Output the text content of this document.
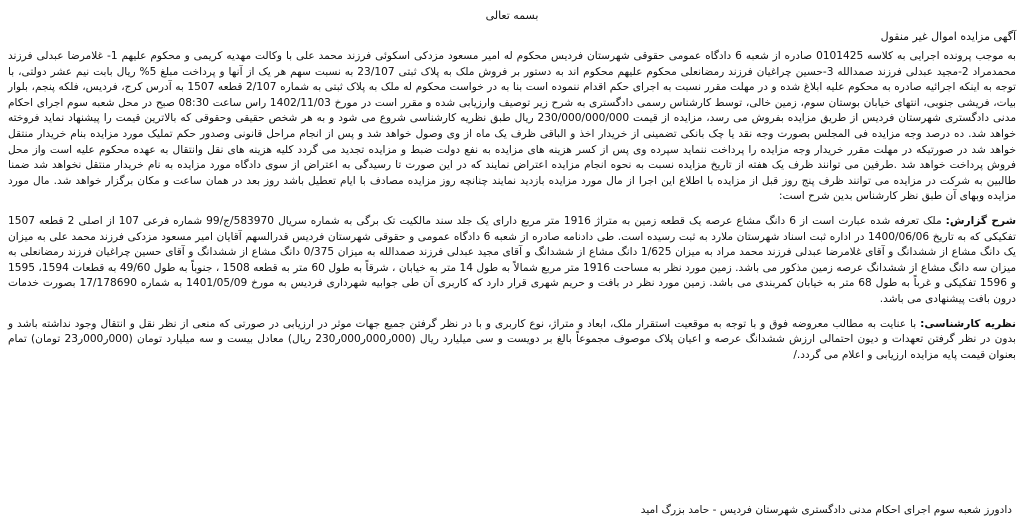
بسمه تعالی
آگهی مزایده اموال غیر منقول

به موجب پرونده اجرایی به کلاسه 0101425 صادره از شعبه 6 دادگاه عمومی حقوقی شهرستان فردیس محکوم له امیر مسعود مزدکی اسکوئی فرزند محمد علی با وکالت مهدیه کریمی و محکوم علیهم 1- غلامرضا عبدلی فرزند محمدمراد 2-مجید عبدلی فرزند صمدالله 3-حسین چراغیان فرزند رمضانعلی محکوم علیهم محکوم اند به دستور بر فروش ملک به پلاک ثبتی 23/107 به نسبت سهم هر یک از آنها و پرداخت مبلغ 5% ریال بابت نیم عشر دولتی، با توجه به اینکه اجرائیه صادره به محکوم علیه ابلاغ شده و در مهلت مقرر نسبت به اجرای حکم اقدام ننموده است بنا به در خواست محکوم له ملک به پلاک ثبتی به شماره 2/107 قطعه 1507 به آدرس کرج، فردیس، فلکه پنجم، بلوار بیات، فریشی جنوبی، انتهای خیابان بوستان سوم، زمین خالی، توسط کارشناس رسمی دادگستری به شرح زیر توصیف وارزیابی شده و مقرر است در مورخ 1402/11/03 راس ساعت 08:30 صبح در محل شعبه سوم اجرای احکام مدنی دادگستری شهرستان فردیس از طریق مزایده بفروش می رسد، مزایده از قیمت 230/000/000/000 ریال طبق نظریه کارشناسی شروع می شود و به هر شخص حقیقی وحقوقی که بالاترین قیمت را پیشنهاد نماید فروخته خواهد شد. ده درصد وجه مزایده فی المجلس بصورت وجه نقد یا چک بانکی تضمینی از خریدار اخذ و الباقی ظرف یک ماه از وی وصول خواهد شد و پس از انجام مراحل قانونی وصدور حکم تملیک مورد مزایده بنام خریدار منتقل خواهد شد در صورتیکه در مهلت مقرر خریدار وجه مزایده را پرداخت ننماید سپرده وی پس از کسر هزینه های مزایده به نفع دولت ضبط و مزایده تجدید می گردد کلیه هزینه های نقل وانتقال به عهده محکوم علیه است واز محل فروش پرداخت خواهد شد .طرفین می توانند ظرف یک هفته از تاریخ مزایده نسبت به نحوه انجام مزایده اعتراض نمایند که در این صورت تا رسیدگی به اعتراض از سوی دادگاه مورد مزایده به نام خریدار منتقل نخواهد شد ضمنا طالبین به شرکت در مزایده می توانند ظرف پنج روز قبل از مزایده با اطلاع این اجرا از مال مورد مزایده بازدید نمایند چنانچه روز مزایده مصادف با ایام تعطیل باشد روز بعد در همان ساعت و مکان برگزار خواهد شد. مال مورد مزایده وبهای آن طبق نظر کارشناس بدین شرح است:

شرح گزارش: ملک تعرفه شده عبارت است از 6 دانگ مشاع عرصه یک قطعه زمین به متراژ 1916 متر مربع دارای یک جلد سند مالکیت تک برگی به شماره سریال 583970/ج/99 شماره فرعی 107 از اصلی 2 قطعه 1507 تفکیکی که به تاریخ 1400/06/06 در اداره ثبت اسناد شهرستان ملارد به ثبت رسیده است. طی دادنامه صادره از شعبه 6 دادگاه عمومی و حقوقی شهرستان فردیس قدرالسهم آقایان امیر مسعود مزدکی فرزند محمد علی به میزان یک دانگ مشاع از ششدانگ و آقای غلامرضا عبدلی فرزند محمد مراد به میزان 1/625 دانگ مشاع از ششدانگ و آقای مجید عبدلی فرزند صمدالله به میزان 0/375 دانگ مشاع از ششدانگ و آقای حسین چراغیان فرزند رمضانعلی به میزان سه دانگ مشاع از ششدانگ عرصه زمین مذکور می باشد. زمین مورد نظر به مساحت 1916 متر مربع شمالاً به طول 14 متر به خیابان ، شرقاً به طول 60 متر به قطعه 1508 ، جنوباً به طول 49/60 به قطعات 1594، 1595 و 1596 تفکیکی و غرباً به طول 68 متر به خیابان کمربندی می باشد. زمین مورد نظر در بافت و حریم شهری قرار دارد که کاربری آن طی جوابیه شهرداری فردیس به مورخ 1401/05/09 به شماره 17/178690 بصورت خدمات درون بافت پیشنهادی می باشد.

نظریه کارشناسی: با عنایت به مطالب معروضه فوق و با توجه به موقعیت استقرار ملک، ابعاد و متراژ، نوع کاربری و با در نظر گرفتن جمیع جهات موثر در ارزیابی در صورتی که منعی از نظر نقل و انتقال وجود نداشته باشد و بدون در نظر گرفتن تعهدات و دیون احتمالی ارزش ششدانگ عرصه و اعیان پلاک موصوف مجموعاً بالغ بر دویست و سی میلیارد ریال (000ر000ر000ر230 ریال) معادل بیست و سه میلیارد تومان (000ر000ر23 تومان) تمام بعنوان قیمت پایه مزایده ارزیابی و اعلام می گردد./

دادورز شعبه سوم اجرای احکام مدنی دادگستری شهرستان فردیس - حامد بزرگ امید
